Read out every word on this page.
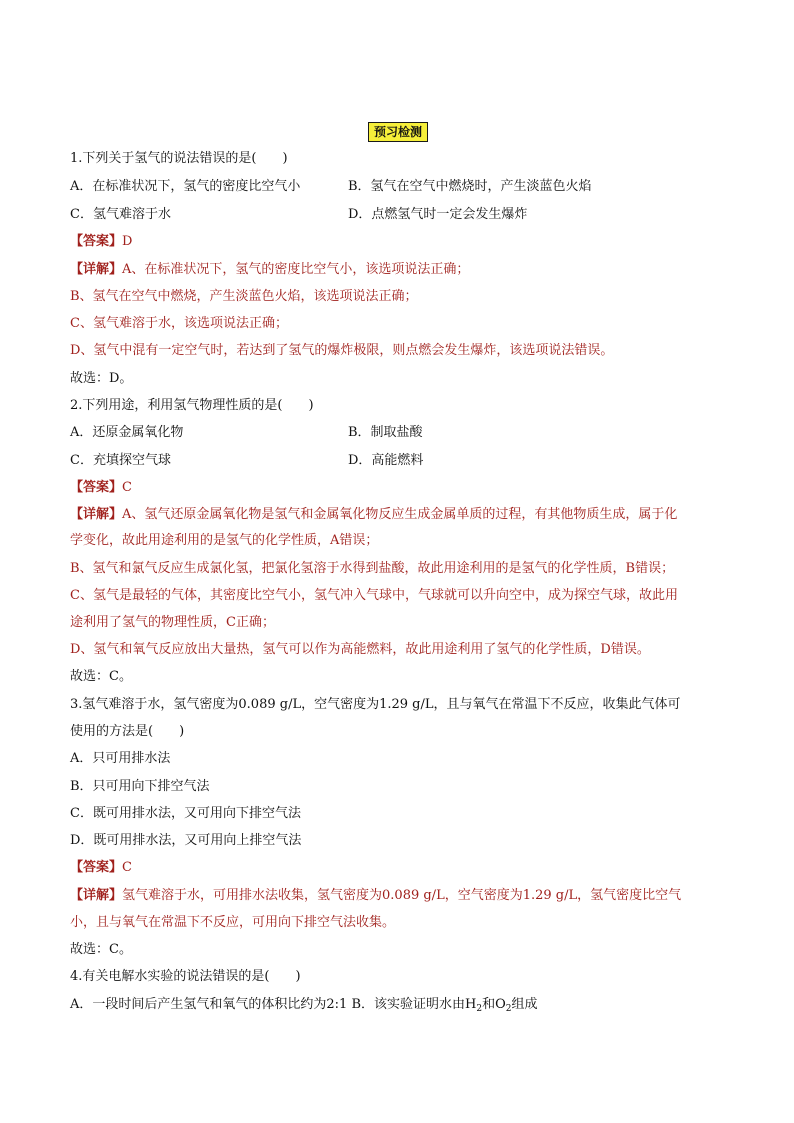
预习检测
1.下列关于氢气的说法错误的是(　　)
A．在标准状况下，氢气的密度比空气小	B．氢气在空气中燃烧时，产生淡蓝色火焰
C．氢气难溶于水	D．点燃氢气时一定会发生爆炸
【答案】D
【详解】A、在标准状况下，氢气的密度比空气小，该选项说法正确；
B、氢气在空气中燃烧，产生淡蓝色火焰，该选项说法正确；
C、氢气难溶于水，该选项说法正确；
D、氢气中混有一定空气时，若达到了氢气的爆炸极限，则点燃会发生爆炸，该选项说法错误。
故选：D。
2.下列用途，利用氢气物理性质的是(　　)
A．还原金属氧化物	B．制取盐酸
C．充填探空气球	D．高能燃料
【答案】C
【详解】A、氢气还原金属氧化物是氢气和金属氧化物反应生成金属单质的过程，有其他物质生成，属于化
学变化，故此用途利用的是氢气的化学性质，A错误；
B、氢气和氯气反应生成氯化氢，把氯化氢溶于水得到盐酸，故此用途利用的是氢气的化学性质，B错误；
C、氢气是最轻的气体，其密度比空气小，氢气冲入气球中，气球就可以升向空中，成为探空气球，故此用
途利用了氢气的物理性质，C正确；
D、氢气和氧气反应放出大量热，氢气可以作为高能燃料，故此用途利用了氢气的化学性质，D错误。
故选：C。
3.氢气难溶于水，氢气密度为0.089 g/L，空气密度为1.29 g/L，且与氧气在常温下不反应，收集此气体可
使用的方法是(　　)
A．只可用排水法
B．只可用向下排空气法
C．既可用排水法，又可用向下排空气法
D．既可用排水法，又可用向上排空气法
【答案】C
【详解】氢气难溶于水，可用排水法收集，氢气密度为0.089 g/L，空气密度为1.29 g/L，氢气密度比空气
小，且与氧气在常温下不反应，可用向下排空气法收集。
故选：C。
4.有关电解水实验的说法错误的是(　　)
A．一段时间后产生氢气和氧气的体积比约为2:1 B．该实验证明水由$H_2$和$O_2$组成
